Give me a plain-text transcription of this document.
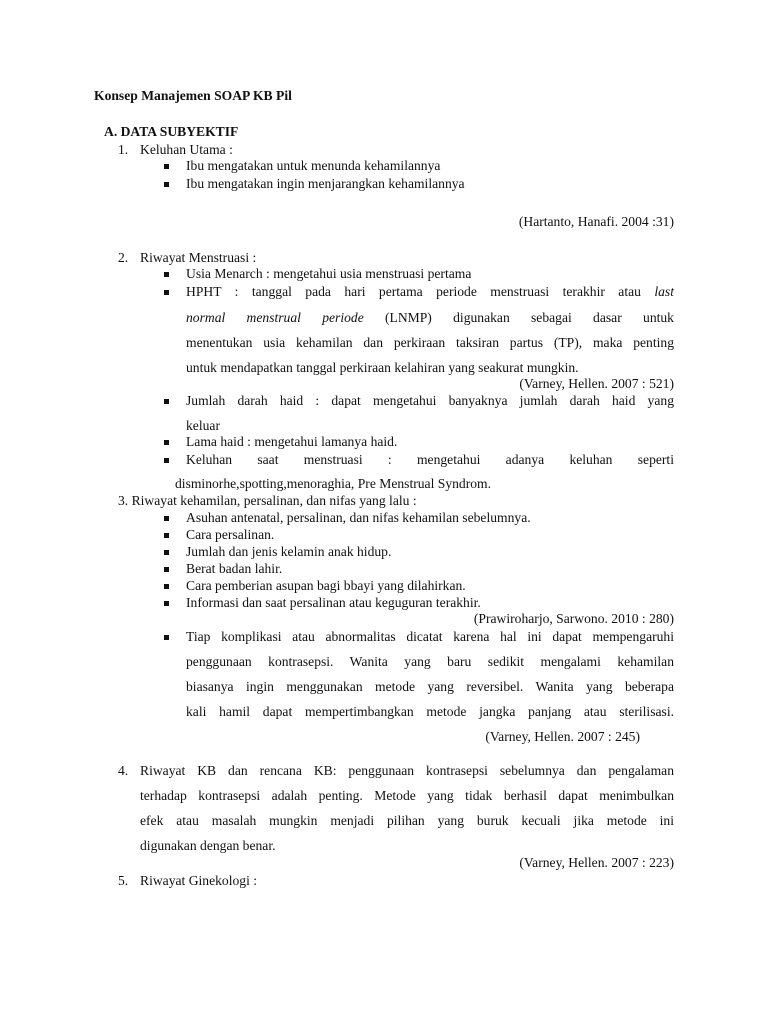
Konsep Manajemen SOAP KB Pil
A. DATA SUBYEKTIF
1. Keluhan Utama :
Ibu mengatakan untuk menunda kehamilannya
Ibu mengatakan ingin menjarangkan kehamilannya
(Hartanto, Hanafi. 2004 :31)
2. Riwayat Menstruasi :
Usia Menarch : mengetahui usia menstruasi pertama
HPHT : tanggal pada hari pertama periode menstruasi terakhir atau last
normal menstrual periode (LNMP) digunakan sebagai dasar untuk
menentukan usia kehamilan dan perkiraan taksiran partus (TP), maka penting
untuk mendapatkan tanggal perkiraan kelahiran yang seakurat mungkin.
(Varney, Hellen. 2007 : 521)
Jumlah darah haid : dapat mengetahui banyaknya jumlah darah haid yang
keluar
Lama haid : mengetahui lamanya haid.
Keluhan saat menstruasi : mengetahui adanya keluhan seperti
disminorhe,spotting,menoraghia, Pre Menstrual Syndrom.
3. Riwayat kehamilan, persalinan, dan nifas yang lalu :
Asuhan antenatal, persalinan, dan nifas kehamilan sebelumnya.
Cara persalinan.
Jumlah dan jenis kelamin anak hidup.
Berat badan lahir.
Cara pemberian asupan bagi bbayi yang dilahirkan.
Informasi dan saat persalinan atau keguguran terakhir.
(Prawiroharjo, Sarwono. 2010 : 280)
Tiap komplikasi atau abnormalitas dicatat karena hal ini dapat mempengaruhi
penggunaan kontrasepsi. Wanita yang baru sedikit mengalami kehamilan
biasanya ingin menggunakan metode yang reversibel. Wanita yang beberapa
kali hamil dapat mempertimbangkan metode jangka panjang atau sterilisasi.
(Varney, Hellen. 2007 : 245)
4. Riwayat KB dan rencana KB: penggunaan kontrasepsi sebelumnya dan pengalaman
terhadap kontrasepsi adalah penting. Metode yang tidak berhasil dapat menimbulkan
efek atau masalah mungkin menjadi pilihan yang buruk kecuali jika metode ini
digunakan dengan benar.
(Varney, Hellen. 2007 : 223)
5. Riwayat Ginekologi :
